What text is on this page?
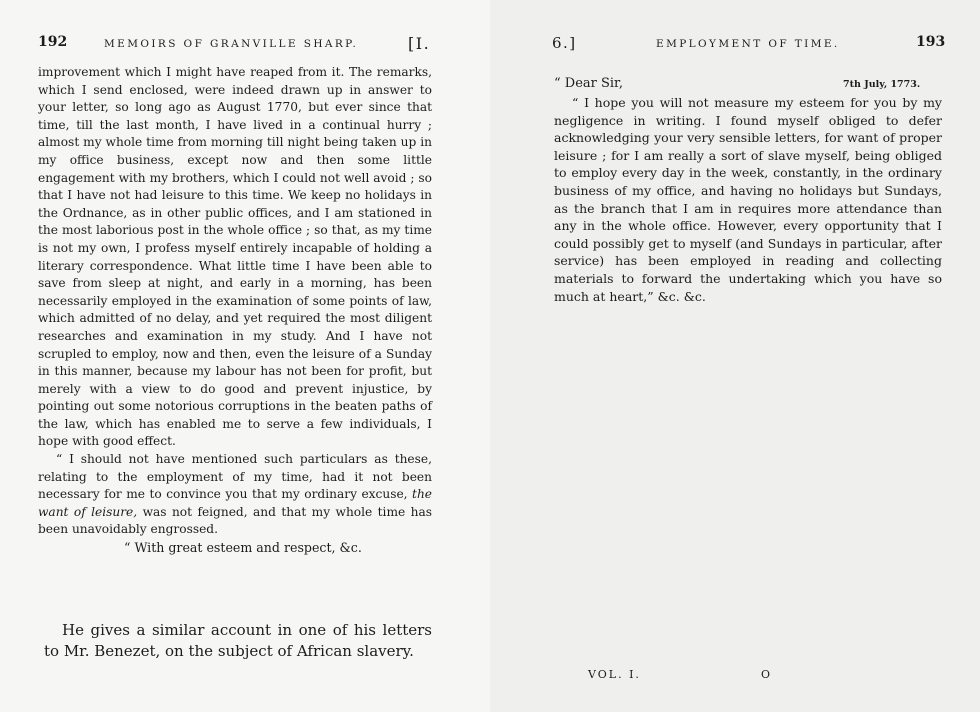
192	MEMOIRS OF GRANVILLE SHARP.	[I.

improvement which I might have reaped from it. The remarks, which I send enclosed, were indeed drawn up in answer to your letter, so long ago as August 1770, but ever since that time, till the last month, I have lived in a continual hurry ; almost my whole time from morning till night being taken up in my office business, except now and then some little engagement with my brothers, which I could not well avoid ; so that I have not had leisure to this time. We keep no holidays in the Ordnance, as in other public offices, and I am stationed in the most laborious post in the whole office ; so that, as my time is not my own, I profess myself entirely incapable of holding a literary correspondence. What little time I have been able to save from sleep at night, and early in a morning, has been necessarily employed in the examination of some points of law, which admitted of no delay, and yet required the most diligent researches and examination in my study. And I have not scrupled to employ, now and then, even the leisure of a Sunday in this manner, because my labour has not been for profit, but merely with a view to do good and prevent injustice, by pointing out some notorious corruptions in the beaten paths of the law, which has enabled me to serve a few individuals, I hope with good effect.

“ I should not have mentioned such particulars as these, relating to the employment of my time, had it not been necessary for me to convince you that my ordinary excuse, the want of leisure, was not feigned, and that my whole time has been unavoidably engrossed.

“ With great esteem and respect, &c.

He gives a similar account in one of his letters to Mr. Benezet, on the subject of African slavery.
6.]	EMPLOYMENT OF TIME.	193
“ Dear Sir,	7th July, 1773.

“ I hope you will not measure my esteem for you by my negligence in writing. I found myself obliged to defer acknowledging your very sensible letters, for want of proper leisure ; for I am really a sort of slave myself, being obliged to employ every day in the week, constantly, in the ordinary business of my office, and having no holidays but Sundays, as the branch that I am in requires more attendance than any in the whole office. However, every opportunity that I could possibly get to myself (and Sundays in particular, after service) has been employed in reading and collecting materials to forward the undertaking which you have so much at heart,” &c. &c.

VOL. I.	O
